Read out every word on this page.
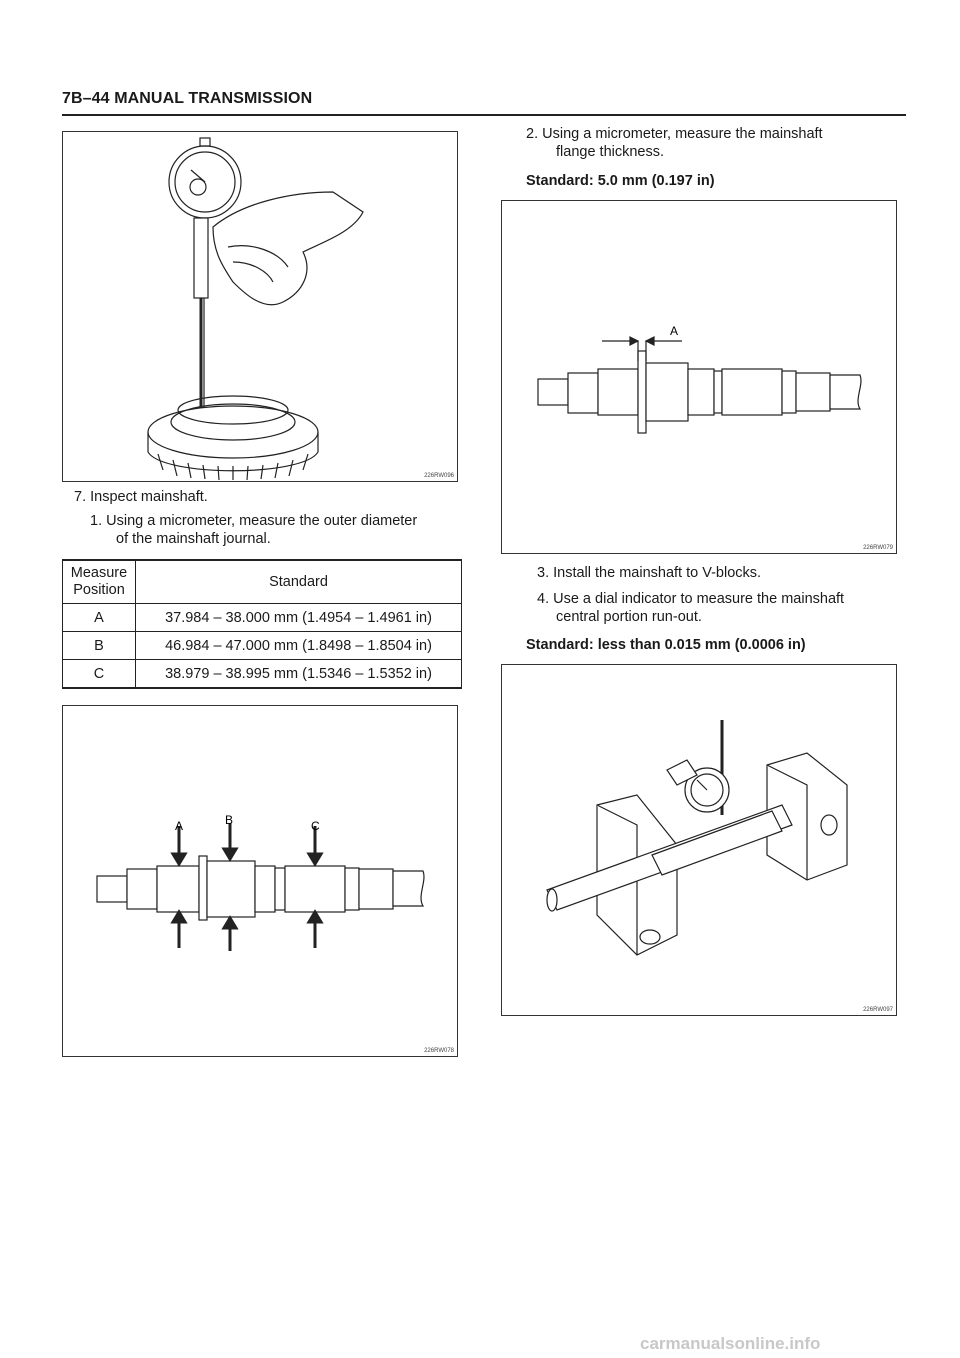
7B–44 MANUAL TRANSMISSION
226RW096
7. Inspect mainshaft.
1. Using a micrometer, measure the outer diameter
of the mainshaft journal.
Measure
Position	Standard
A	37.984 – 38.000 mm (1.4954 – 1.4961 in)
B	46.984 – 47.000 mm (1.8498 – 1.8504 in)
C	38.979 – 38.995 mm (1.5346 – 1.5352 in)
A	B	C
226RW078
2. Using a micrometer, measure the mainshaft
flange thickness.
Standard: 5.0 mm (0.197 in)
A
226RW079
3. Install the mainshaft to V-blocks.
4. Use a dial indicator to measure the mainshaft
central portion run-out.
Standard: less than 0.015 mm (0.0006 in)
226RW097
carmanualsonline.info
